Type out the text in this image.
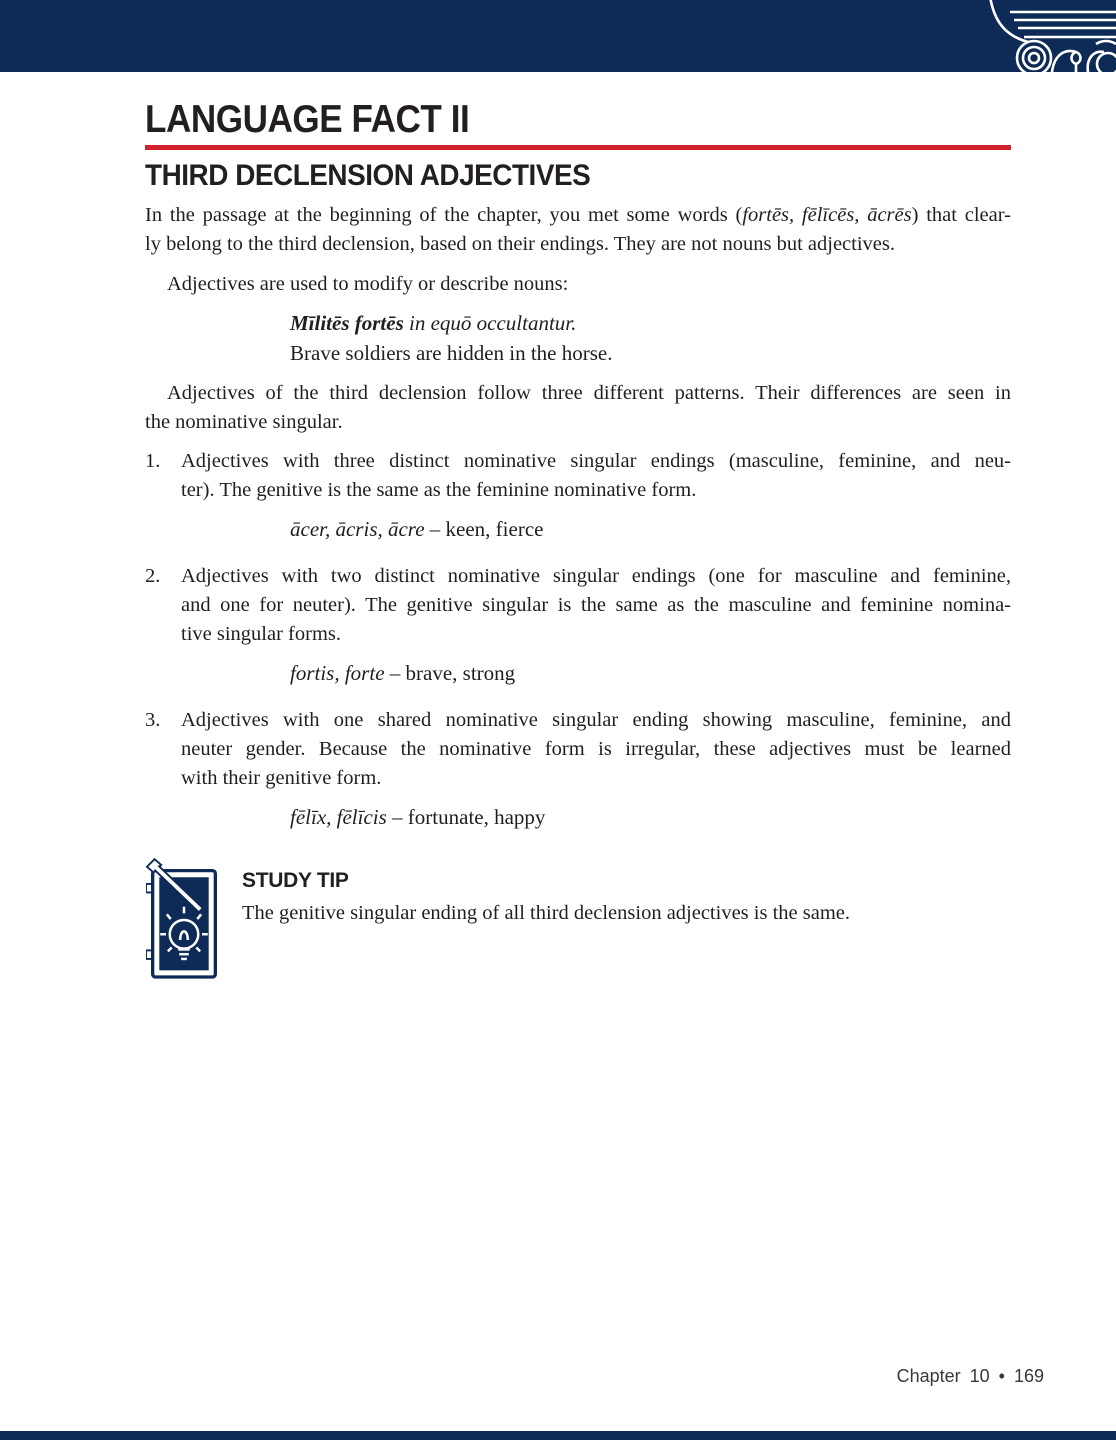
LANGUAGE FACT II
THIRD DECLENSION ADJECTIVES
In the passage at the beginning of the chapter, you met some words (fortēs, fēlīcēs, ācrēs) that clear-
ly belong to the third declension, based on their endings. They are not nouns but adjectives.
Adjectives are used to modify or describe nouns:
Mīlitēs fortēs in equō occultantur.
Brave soldiers are hidden in the horse.
Adjectives of the third declension follow three different patterns. Their differences are seen in
the nominative singular.
1.	Adjectives with three distinct nominative singular endings (masculine, feminine, and neu-
ter). The genitive is the same as the feminine nominative form.
ācer, ācris, ācre – keen, fierce
2.	Adjectives with two distinct nominative singular endings (one for masculine and feminine,
and one for neuter). The genitive singular is the same as the masculine and feminine nomina-
tive singular forms.
fortis, forte – brave, strong
3.	Adjectives with one shared nominative singular ending showing masculine, feminine, and
neuter gender. Because the nominative form is irregular, these adjectives must be learned
with their genitive form.
fēlīx, fēlīcis – fortunate, happy
STUDY TIP
The genitive singular ending of all third declension adjectives is the same.
Chapter 10 • 169
